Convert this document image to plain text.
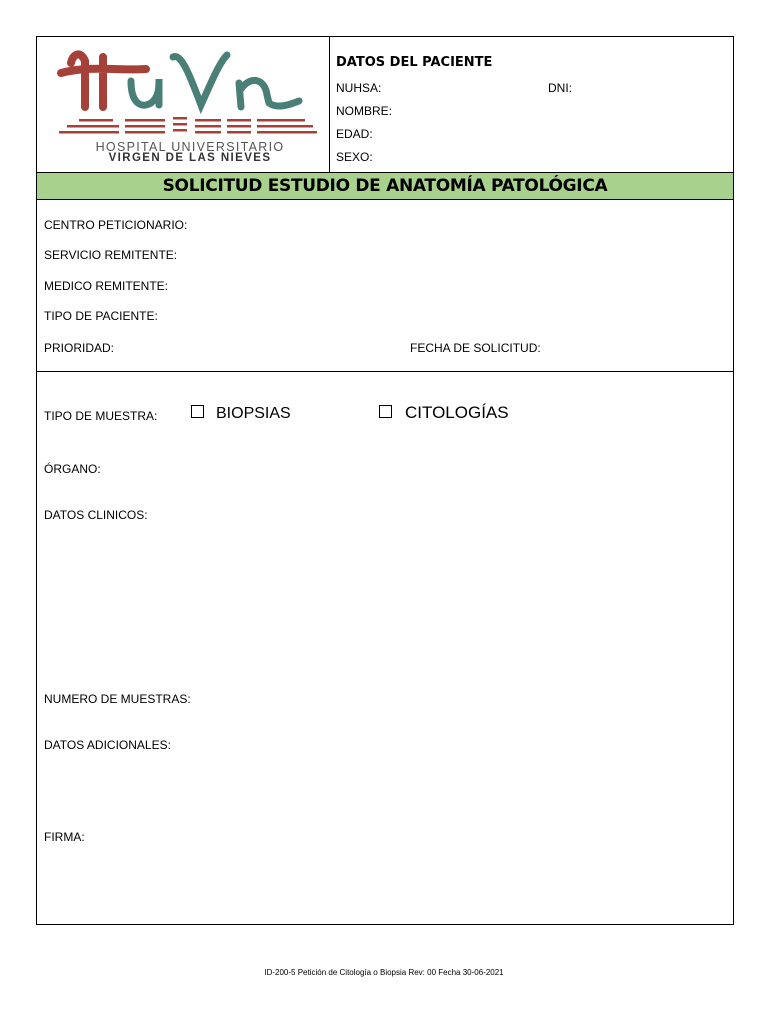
HOSPITAL UNIVERSITARIO
VIRGEN DE LAS NIEVES
DATOS DEL PACIENTE
NUHSA:	DNI:
NOMBRE:
EDAD:
SEXO:
SOLICITUD ESTUDIO DE ANATOMÍA PATOLÓGICA
CENTRO PETICIONARIO:
SERVICIO REMITENTE:
MEDICO REMITENTE:
TIPO DE PACIENTE:
PRIORIDAD:	FECHA DE SOLICITUD:
TIPO DE MUESTRA:	BIOPSIAS	CITOLOGÍAS
ÓRGANO:
DATOS CLINICOS:
NUMERO DE MUESTRAS:
DATOS ADICIONALES:
FIRMA:
ID-200-5 Petición de Citología o Biopsia Rev: 00 Fecha 30-06-2021
